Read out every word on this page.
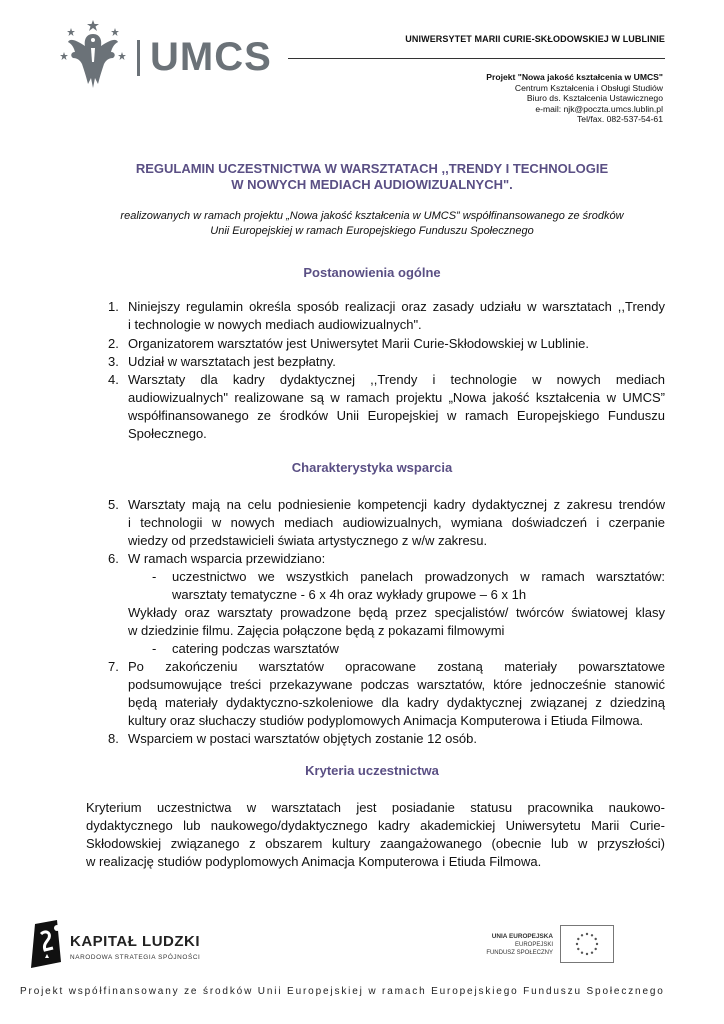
UMCS	UNIWERSYTET MARII CURIE-SKŁODOWSKIEJ W LUBLINIE
Projekt "Nowa jakość kształcenia w UMCS"
Centrum Kształcenia i Obsługi Studiów
Biuro ds. Kształcenia Ustawicznego
e-mail: njk@poczta.umcs.lublin.pl
Tel/fax. 082-537-54-61
REGULAMIN UCZESTNICTWA W WARSZTATACH ,,TRENDY I TECHNOLOGIE
W NOWYCH MEDIACH AUDIOWIZUALNYCH".
realizowanych w ramach projektu „Nowa jakość kształcenia w UMCS” współfinansowanego ze środków
Unii Europejskiej w ramach Europejskiego Funduszu Społecznego
Postanowienia ogólne
1. Niniejszy regulamin określa sposób realizacji oraz zasady udziału w warsztatach ,,Trendy
i technologie w nowych mediach audiowizualnych".
2. Organizatorem warsztatów jest Uniwersytet Marii Curie-Skłodowskiej w Lublinie.
3. Udział w warsztatach jest bezpłatny.
4. Warsztaty dla kadry dydaktycznej ,,Trendy i technologie w nowych mediach
audiowizualnych" realizowane są w ramach projektu „Nowa jakość kształcenia w UMCS”
współfinansowanego ze środków Unii Europejskiej w ramach Europejskiego Funduszu
Społecznego.
Charakterystyka wsparcia
5. Warsztaty mają na celu podniesienie kompetencji kadry dydaktycznej z zakresu trendów
i technologii w nowych mediach audiowizualnych, wymiana doświadczeń i czerpanie
wiedzy od przedstawicieli świata artystycznego z w/w zakresu.
6. W ramach wsparcia przewidziano:
- uczestnictwo we wszystkich panelach prowadzonych w ramach warsztatów:
warsztaty tematyczne - 6 x 4h oraz wykłady grupowe – 6 x 1h
Wykłady oraz warsztaty prowadzone będą przez specjalistów/ twórców światowej klasy
w dziedzinie filmu. Zajęcia połączone będą z pokazami filmowymi
- catering podczas warsztatów
7. Po zakończeniu warsztatów opracowane zostaną materiały powarsztatowe
podsumowujące treści przekazywane podczas warsztatów, które jednocześnie stanowić
będą materiały dydaktyczno-szkoleniowe dla kadry dydaktycznej związanej z dziedziną
kultury oraz słuchaczy studiów podyplomowych Animacja Komputerowa i Etiuda Filmowa.
8. Wsparciem w postaci warsztatów objętych zostanie 12 osób.
Kryteria uczestnictwa
Kryterium uczestnictwa w warsztatach jest posiadanie statusu pracownika naukowo-
dydaktycznego lub naukowego/dydaktycznego kadry akademickiej Uniwersytetu Marii Curie-
Skłodowskiej związanego z obszarem kultury zaangażowanego (obecnie lub w przyszłości)
w realizację studiów podyplomowych Animacja Komputerowa i Etiuda Filmowa.
KAPITAŁ LUDZKI
NARODOWA STRATEGIA SPÓJNOŚCI
UNIA EUROPEJSKA
EUROPEJSKI
FUNDUSZ SPOŁECZNY
Projekt współfinansowany ze środków Unii Europejskiej w ramach Europejskiego Funduszu Społecznego
